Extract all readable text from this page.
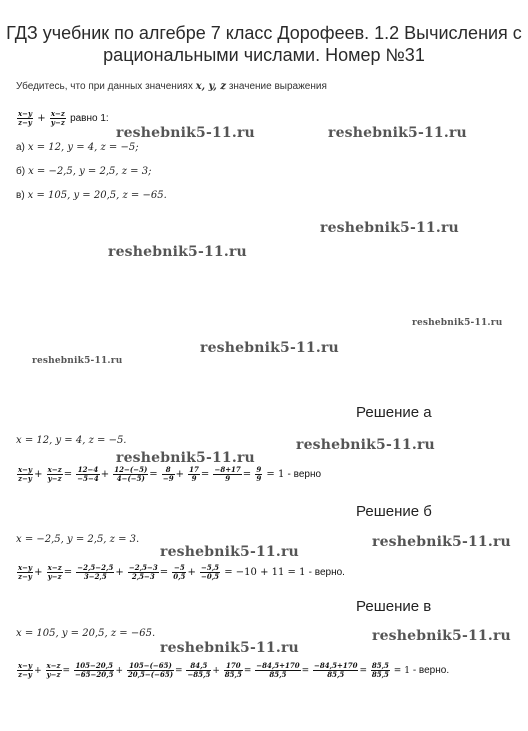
ГДЗ учебник по алгебре 7 класс Дорофеев. 1.2 Вычисления с
рациональными числами. Номер №31
Убедитесь, что при данных значениях x, y, z значение выражения
$\frac{x-y}{z-y} + \frac{x-z}{y-z}$ равно 1:
а) x = 12, y = 4, z = −5;
б) x = −2,5, y = 2,5, z = 3;
в) x = 105, y = 20,5, z = −65.
reshebnik5-11.ru	reshebnik5-11.ru
reshebnik5-11.ru
reshebnik5-11.ru
reshebnik5-11.ru
reshebnik5-11.ru
reshebnik5-11.ru
reshebnik5-11.ru
reshebnik5-11.ru
reshebnik5-11.ru
reshebnik5-11.ru
reshebnik5-11.ru
reshebnik5-11.ru
Решение а
x = 12, y = 4, z = −5.
$\frac{x-y}{z-y} + \frac{x-z}{y-z} = \frac{12-4}{-5-4} + \frac{12-(-5)}{4-(-5)} = \frac{8}{-9} + \frac{17}{9} = \frac{-8+17}{9} = \frac{9}{9} = 1$ - верно
Решение б
x = −2,5, y = 2,5, z = 3.
$\frac{x-y}{z-y} + \frac{x-z}{y-z} = \frac{-2,5-2,5}{3-2,5} + \frac{-2,5-3}{2,5-3} = \frac{-5}{0,5} + \frac{-5,5}{-0,5} = -10 + 11 = 1$ - верно.
Решение в
x = 105, y = 20,5, z = −65.
$\frac{x-y}{z-y} + \frac{x-z}{y-z} = \frac{105-20,5}{-65-20,5} + \frac{105-(-65)}{20,5-(-65)} = \frac{84,5}{-85,5} + \frac{170}{85,5} = \frac{-84,5+170}{85,5} = \frac{-84,5+170}{85,5} = \frac{85,5}{85,5} = 1$ - верно.
